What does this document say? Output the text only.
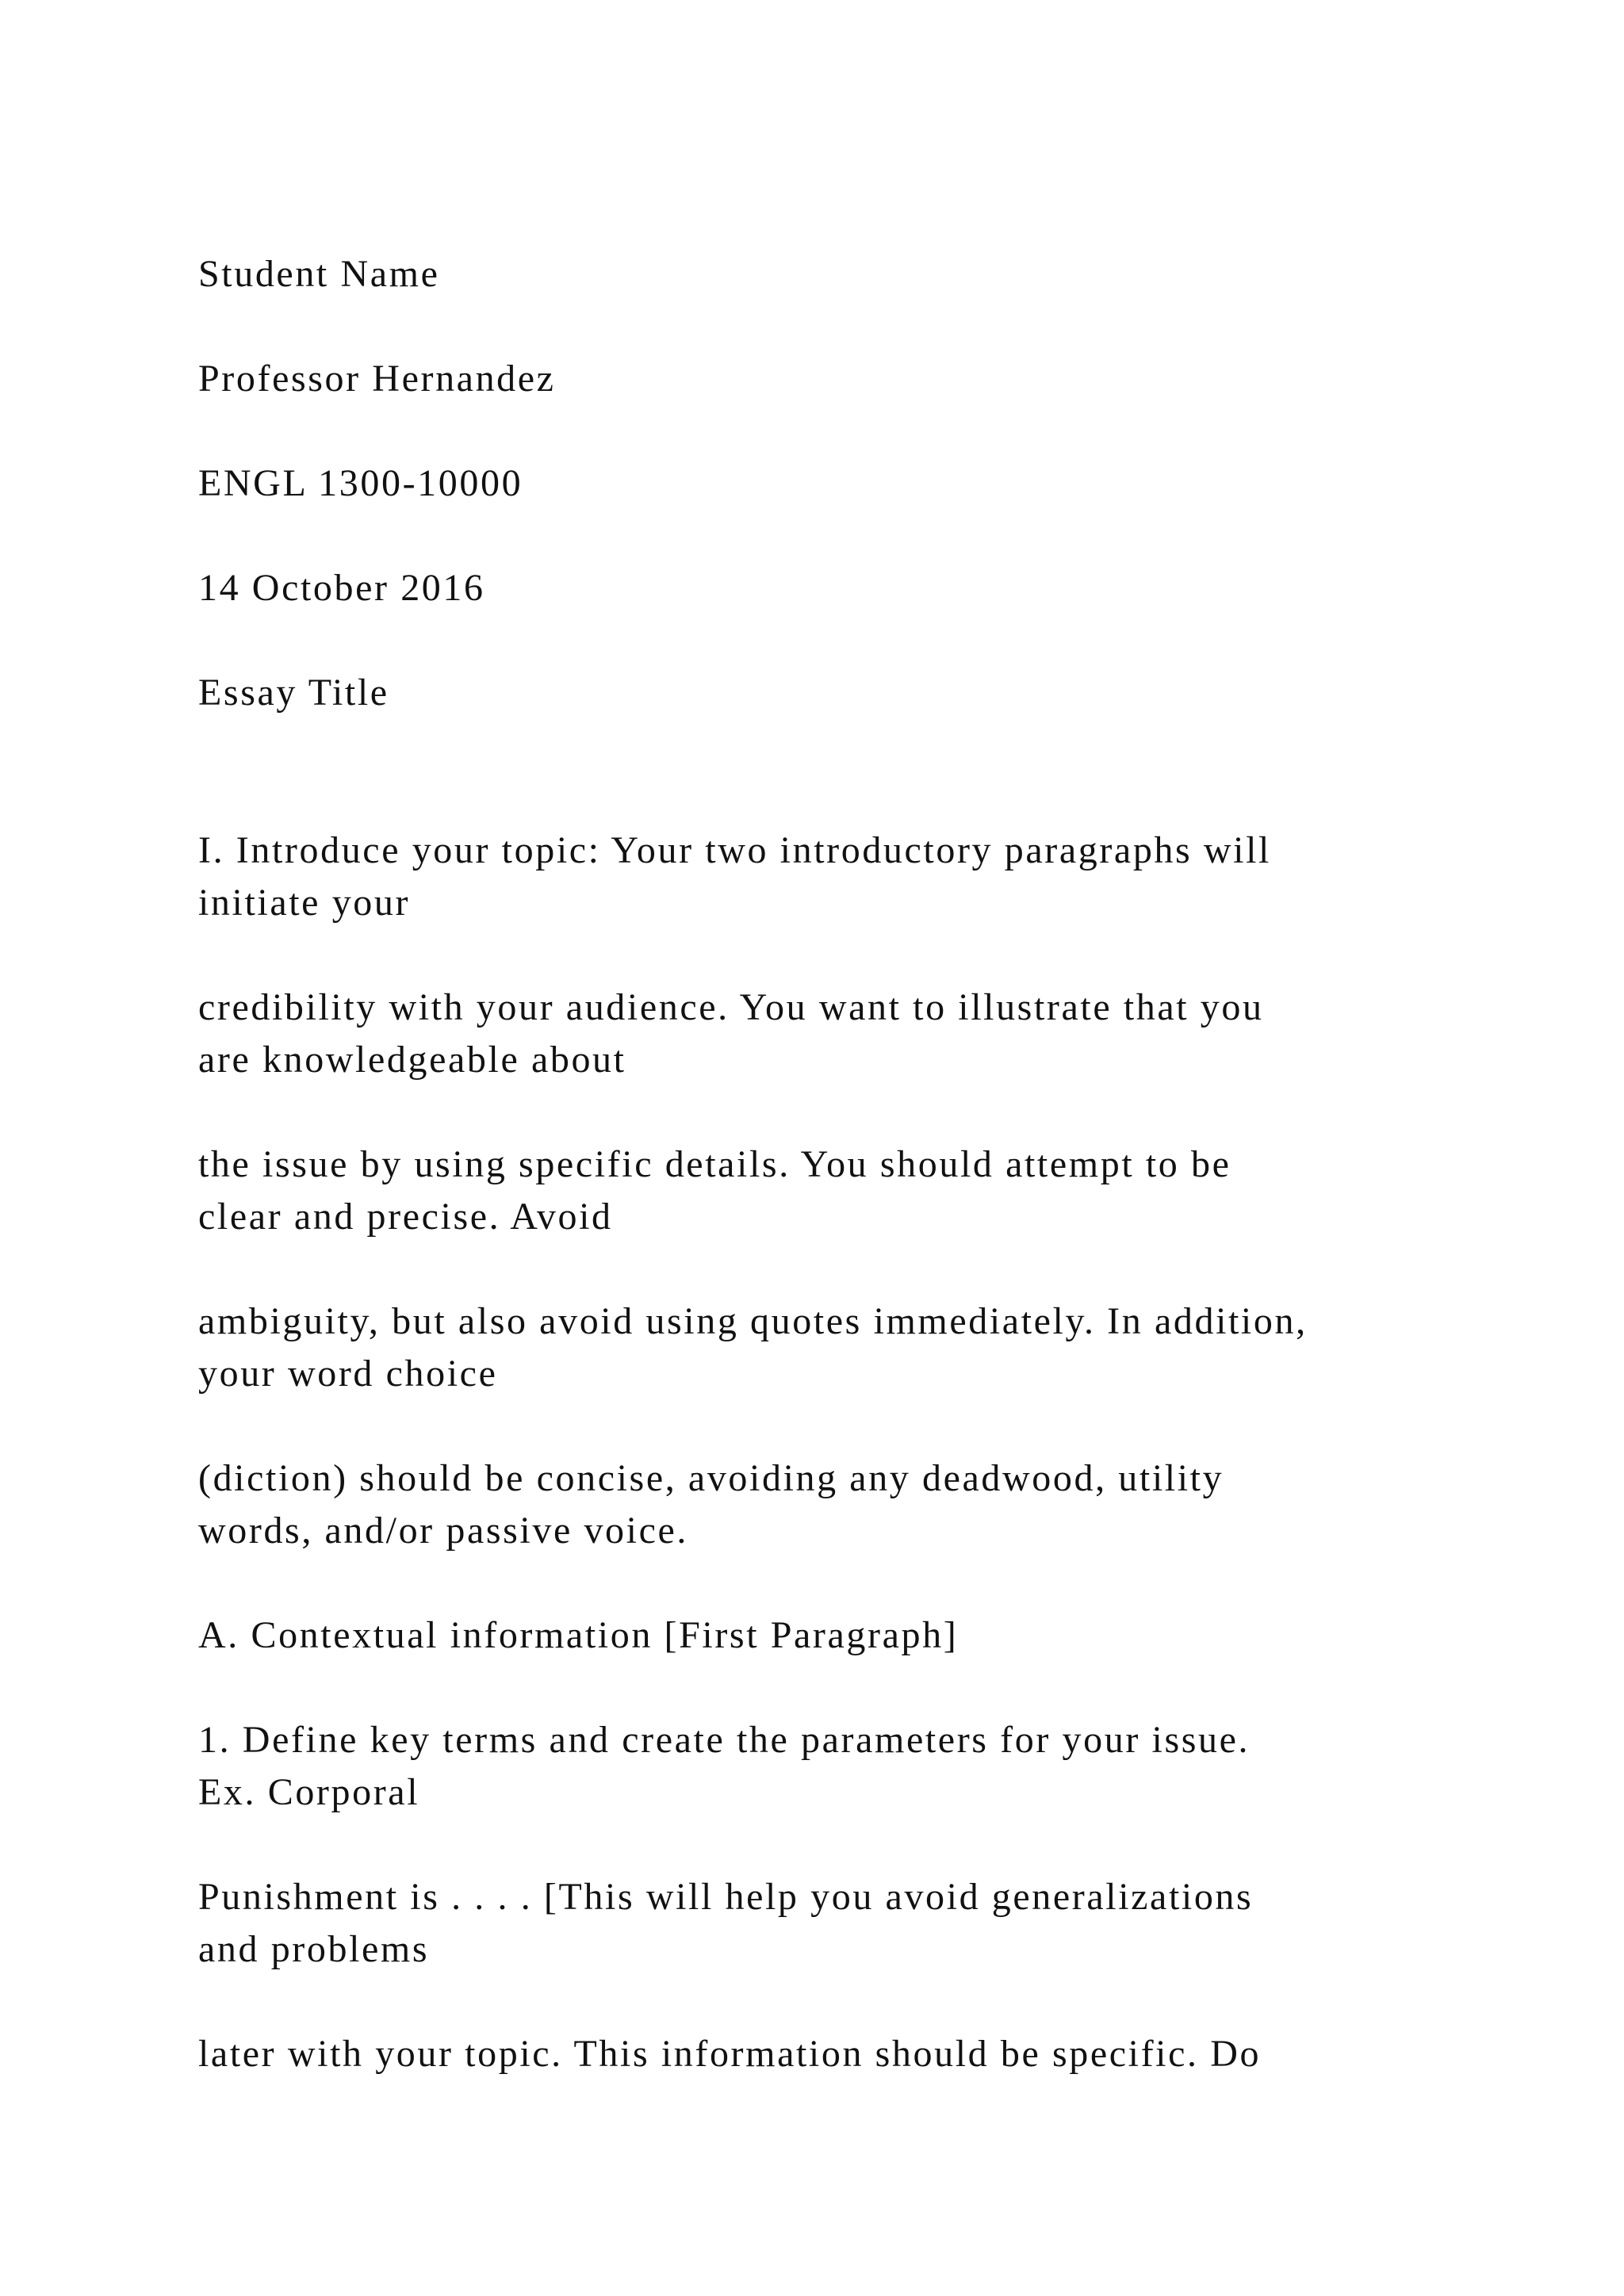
Student Name

Professor Hernandez

ENGL 1300-10000

14 October 2016

Essay Title

I. Introduce your topic: Your two introductory paragraphs will

initiate your

credibility with your audience. You want to illustrate that you

are knowledgeable about

the issue by using specific details. You should attempt to be

clear and precise. Avoid

ambiguity, but also avoid using quotes immediately. In addition,

your word choice

(diction) should be concise, avoiding any deadwood, utility

words, and/or passive voice.

A. Contextual information [First Paragraph]

1. Define key terms and create the parameters for your issue.

Ex. Corporal

Punishment is . . . . [This will help you avoid generalizations

and problems

later with your topic. This information should be specific. Do
